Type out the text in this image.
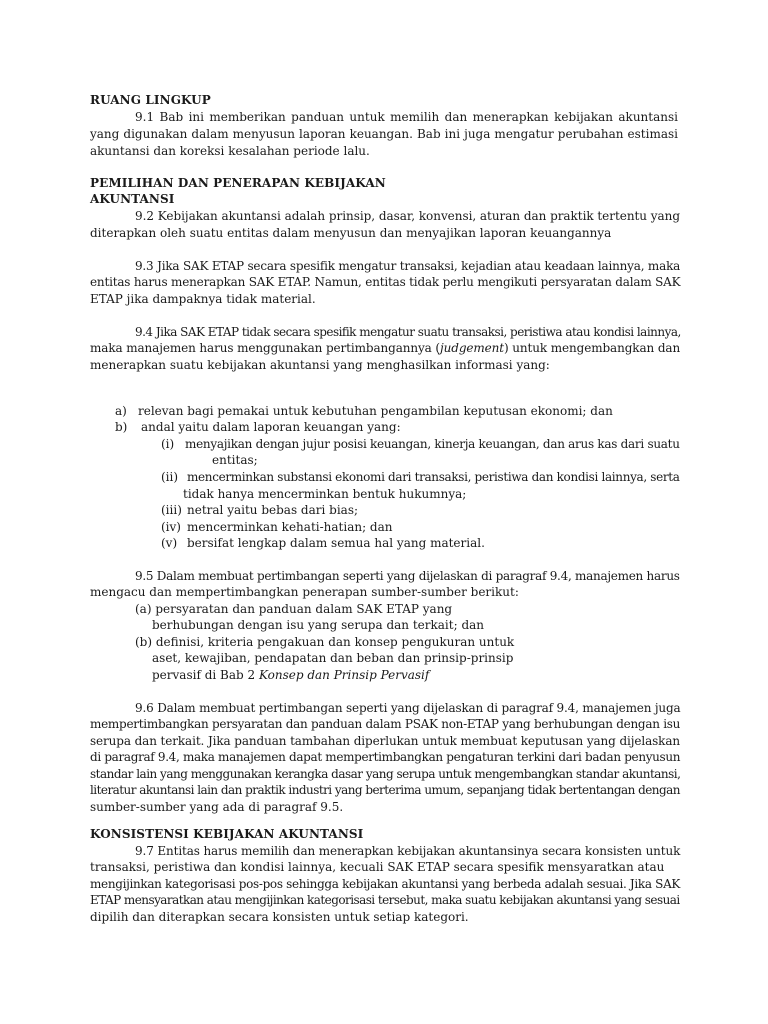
RUANG LINGKUP

9.1 Bab ini memberikan panduan untuk memilih dan menerapkan kebijakan akuntansi yang digunakan dalam menyusun laporan keuangan. Bab ini juga mengatur perubahan estimasi akuntansi dan koreksi kesalahan periode lalu.

PEMILIHAN DAN PENERAPAN KEBIJAKAN
AKUNTANSI
9.2 Kebijakan akuntansi adalah prinsip, dasar, konvensi, aturan dan praktik tertentu yang
diterapkan oleh suatu entitas dalam menyusun dan menyajikan laporan keuangannya
9.3 Jika SAK ETAP secara spesifik mengatur transaksi, kejadian atau keadaan lainnya, maka
entitas harus menerapkan SAK ETAP. Namun, entitas tidak perlu mengikuti persyaratan dalam SAK
ETAP jika dampaknya tidak material.
9.4 Jika SAK ETAP tidak secara spesifik mengatur suatu transaksi, peristiwa atau kondisi lainnya,
maka manajemen harus menggunakan pertimbangannya (judgement) untuk mengembangkan dan
menerapkan suatu kebijakan akuntansi yang menghasilkan informasi yang:
a) relevan bagi pemakai untuk kebutuhan pengambilan keputusan ekonomi; dan
b) andal yaitu dalam laporan keuangan yang:
(i) menyajikan dengan jujur posisi keuangan, kinerja keuangan, dan arus kas dari suatu
entitas;
(ii) mencerminkan substansi ekonomi dari transaksi, peristiwa dan kondisi lainnya, serta
tidak hanya mencerminkan bentuk hukumnya;
(iii) netral yaitu bebas dari bias;
(iv) mencerminkan kehati-hatian; dan
(v) bersifat lengkap dalam semua hal yang material.
9.5 Dalam membuat pertimbangan seperti yang dijelaskan di paragraf 9.4, manajemen harus
mengacu dan mempertimbangkan penerapan sumber-sumber berikut:
(a) persyaratan dan panduan dalam SAK ETAP yang
berhubungan dengan isu yang serupa dan terkait; dan
(b) definisi, kriteria pengakuan dan konsep pengukuran untuk
aset, kewajiban, pendapatan dan beban dan prinsip-prinsip
pervasif di Bab 2 Konsep dan Prinsip Pervasif
9.6 Dalam membuat pertimbangan seperti yang dijelaskan di paragraf 9.4, manajemen juga
mempertimbangkan persyaratan dan panduan dalam PSAK non-ETAP yang berhubungan dengan isu
serupa dan terkait. Jika panduan tambahan diperlukan untuk membuat keputusan yang dijelaskan
di paragraf 9.4, maka manajemen dapat mempertimbangkan pengaturan terkini dari badan penyusun
standar lain yang menggunakan kerangka dasar yang serupa untuk mengembangkan standar akuntansi,
literatur akuntansi lain dan praktik industri yang berterima umum, sepanjang tidak bertentangan dengan
sumber-sumber yang ada di paragraf 9.5.
KONSISTENSI KEBIJAKAN AKUNTANSI
9.7 Entitas harus memilih dan menerapkan kebijakan akuntansinya secara konsisten untuk
transaksi, peristiwa dan kondisi lainnya, kecuali SAK ETAP secara spesifik mensyaratkan atau
mengijinkan kategorisasi pos-pos sehingga kebijakan akuntansi yang berbeda adalah sesuai. Jika SAK
ETAP mensyaratkan atau mengijinkan kategorisasi tersebut, maka suatu kebijakan akuntansi yang sesuai
dipilih dan diterapkan secara konsisten untuk setiap kategori.
